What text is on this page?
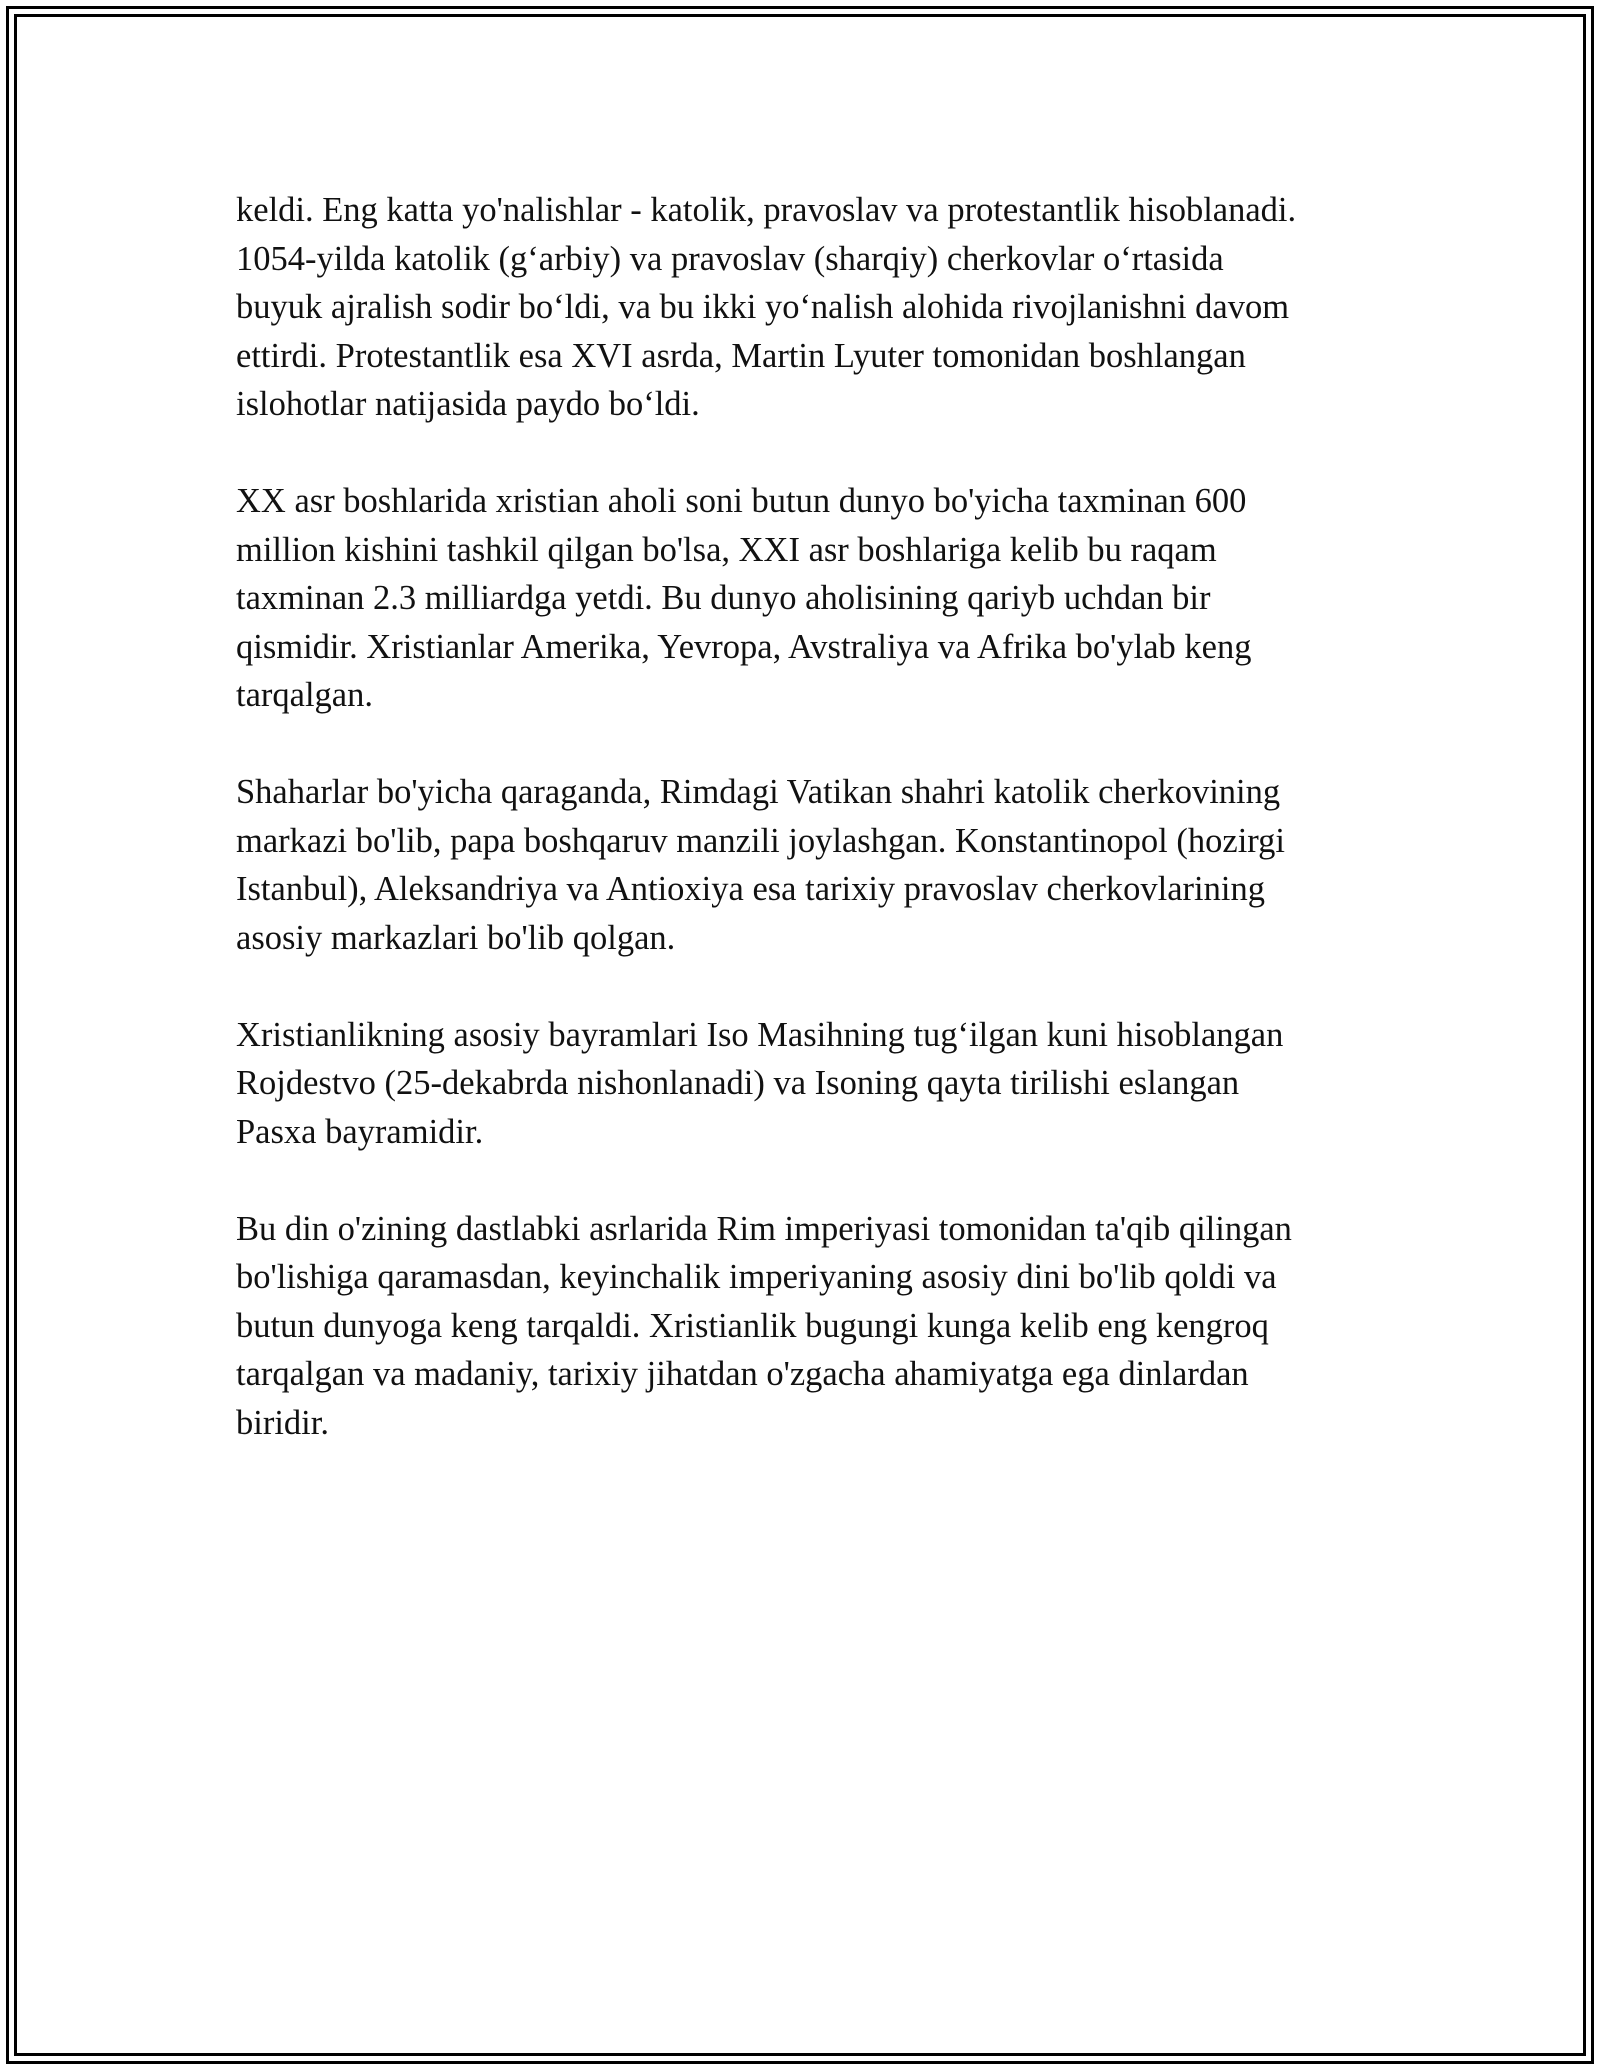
keldi. Eng katta yo'nalishlar - katolik, pravoslav va protestantlik hisoblanadi.
1054-yilda katolik (g‘arbiy) va pravoslav (sharqiy) cherkovlar o‘rtasida
buyuk ajralish sodir bo‘ldi, va bu ikki yo‘nalish alohida rivojlanishni davom
ettirdi. Protestantlik esa XVI asrda, Martin Lyuter tomonidan boshlangan
islohotlar natijasida paydo bo‘ldi.

XX asr boshlarida xristian aholi soni butun dunyo bo'yicha taxminan 600
million kishini tashkil qilgan bo'lsa, XXI asr boshlariga kelib bu raqam
taxminan 2.3 milliardga yetdi. Bu dunyo aholisining qariyb uchdan bir
qismidir. Xristianlar Amerika, Yevropa, Avstraliya va Afrika bo'ylab keng
tarqalgan.

Shaharlar bo'yicha qaraganda, Rimdagi Vatikan shahri katolik cherkovining
markazi bo'lib, papa boshqaruv manzili joylashgan. Konstantinopol (hozirgi
Istanbul), Aleksandriya va Antioxiya esa tarixiy pravoslav cherkovlarining
asosiy markazlari bo'lib qolgan.

Xristianlikning asosiy bayramlari Iso Masihning tug‘ilgan kuni hisoblangan
Rojdestvo (25-dekabrda nishonlanadi) va Isoning qayta tirilishi eslangan
Pasxa bayramidir.

Bu din o'zining dastlabki asrlarida Rim imperiyasi tomonidan ta'qib qilingan
bo'lishiga qaramasdan, keyinchalik imperiyaning asosiy dini bo'lib qoldi va
butun dunyoga keng tarqaldi. Xristianlik bugungi kunga kelib eng kengroq
tarqalgan va madaniy, tarixiy jihatdan o'zgacha ahamiyatga ega dinlardan
biridir.
